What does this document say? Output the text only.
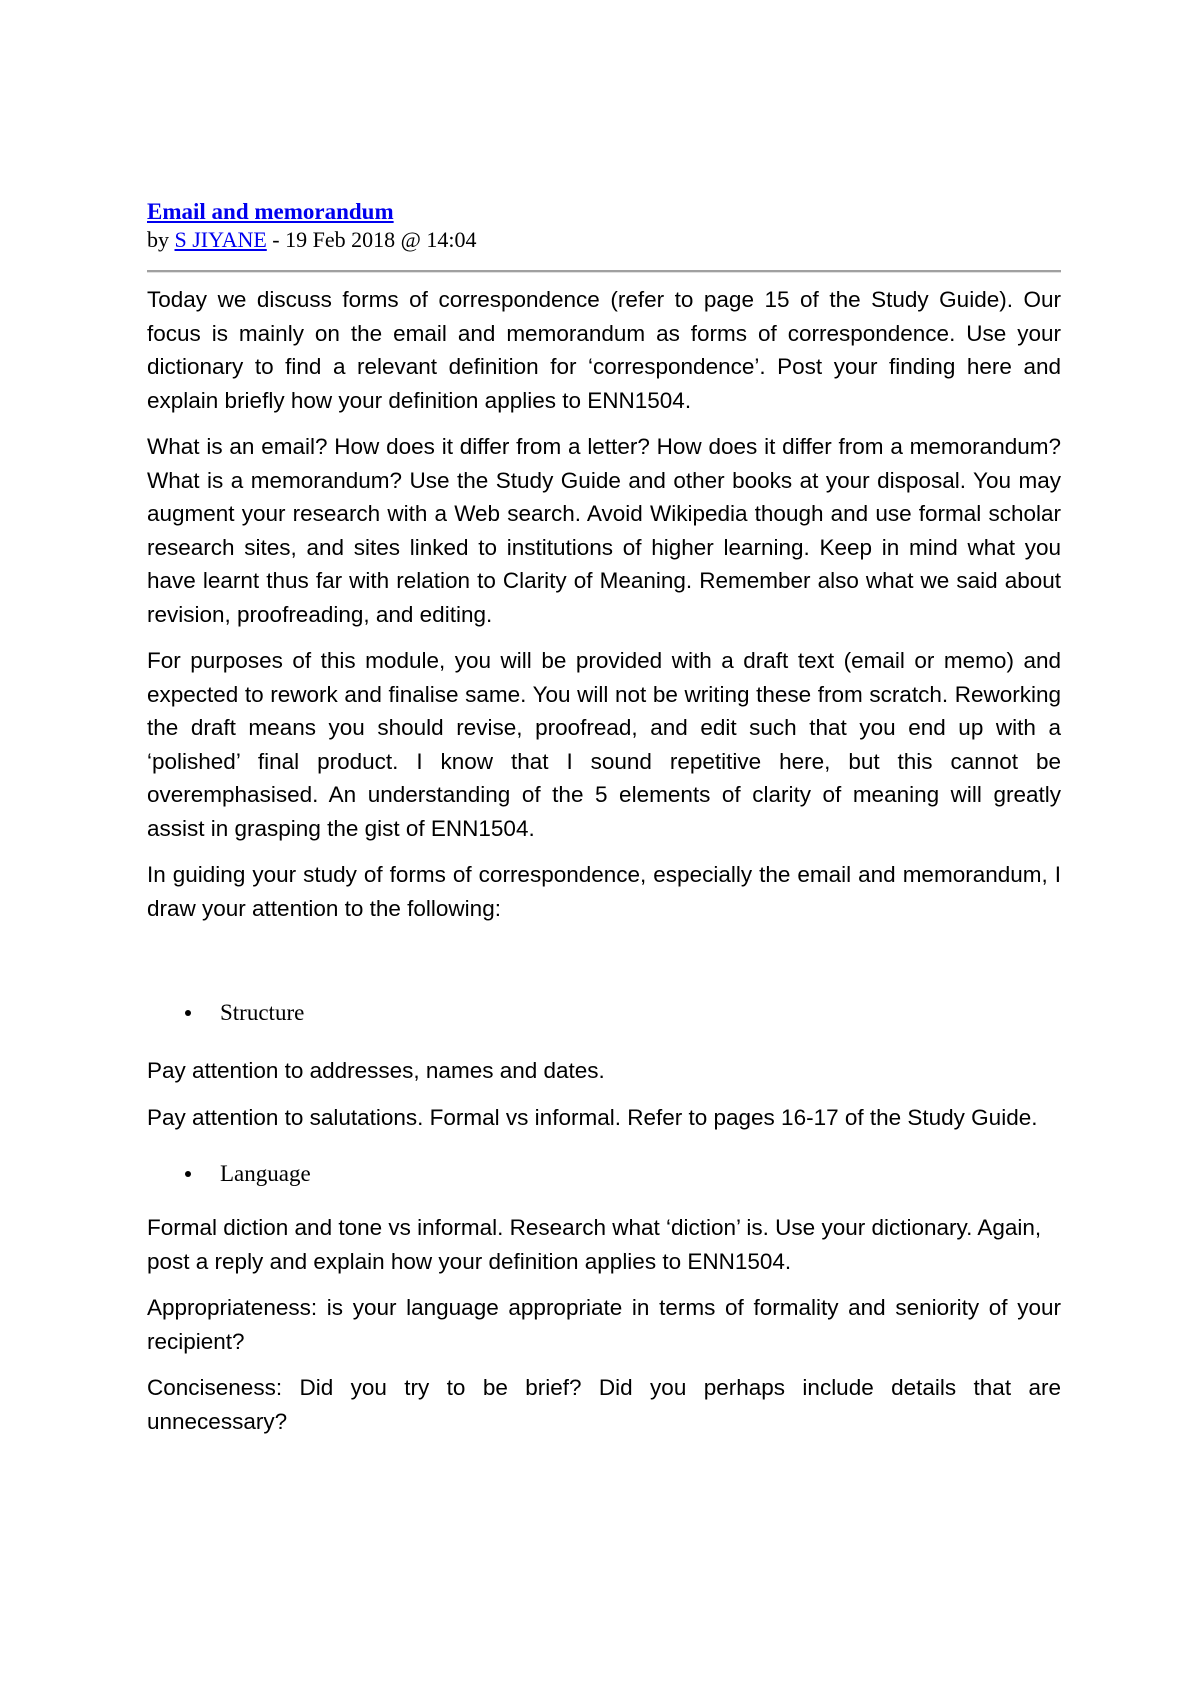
Email and memorandum
by S JIYANE - 19 Feb 2018 @ 14:04

Today we discuss forms of correspondence (refer to page 15 of the Study Guide). Our focus is mainly on the email and memorandum as forms of correspondence. Use your dictionary to find a relevant definition for ‘correspondence’. Post your finding here and explain briefly how your definition applies to ENN1504.

What is an email? How does it differ from a letter? How does it differ from a memorandum? What is a memorandum? Use the Study Guide and other books at your disposal. You may augment your research with a Web search. Avoid Wikipedia though and use formal scholar research sites, and sites linked to institutions of higher learning. Keep in mind what you have learnt thus far with relation to Clarity of Meaning. Remember also what we said about revision, proofreading, and editing.

For purposes of this module, you will be provided with a draft text (email or memo) and expected to rework and finalise same. You will not be writing these from scratch. Reworking the draft means you should revise, proofread, and edit such that you end up with a ‘polished’ final product. I know that I sound repetitive here, but this cannot be overemphasised. An understanding of the 5 elements of clarity of meaning will greatly assist in grasping the gist of ENN1504.

In guiding your study of forms of correspondence, especially the email and memorandum, I draw your attention to the following:

Structure

Pay attention to addresses, names and dates.

Pay attention to salutations. Formal vs informal. Refer to pages 16-17 of the Study Guide.

Language

Formal diction and tone vs informal. Research what ‘diction’ is. Use your dictionary. Again, post a reply and explain how your definition applies to ENN1504.

Appropriateness: is your language appropriate in terms of formality and seniority of your recipient?

Conciseness: Did you try to be brief? Did you perhaps include details that are unnecessary?
